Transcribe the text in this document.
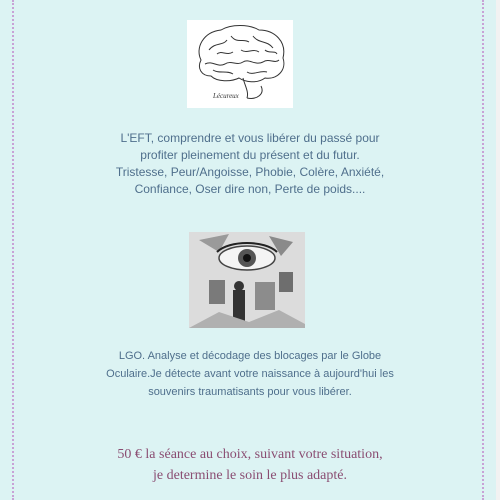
Lécureux
L'EFT, comprendre et vous libérer du passé pour
profiter pleinement du présent et du futur.
Tristesse, Peur/Angoisse, Phobie, Colère, Anxiété,
Confiance, Oser dire non, Perte de poids....
LGO. Analyse et décodage des blocages par le Globe
Oculaire.Je détecte avant votre naissance à aujourd'hui les
souvenirs traumatisants pour vous libérer.
50 € la séance au choix, suivant votre situation,
je determine le soin le plus adapté.
